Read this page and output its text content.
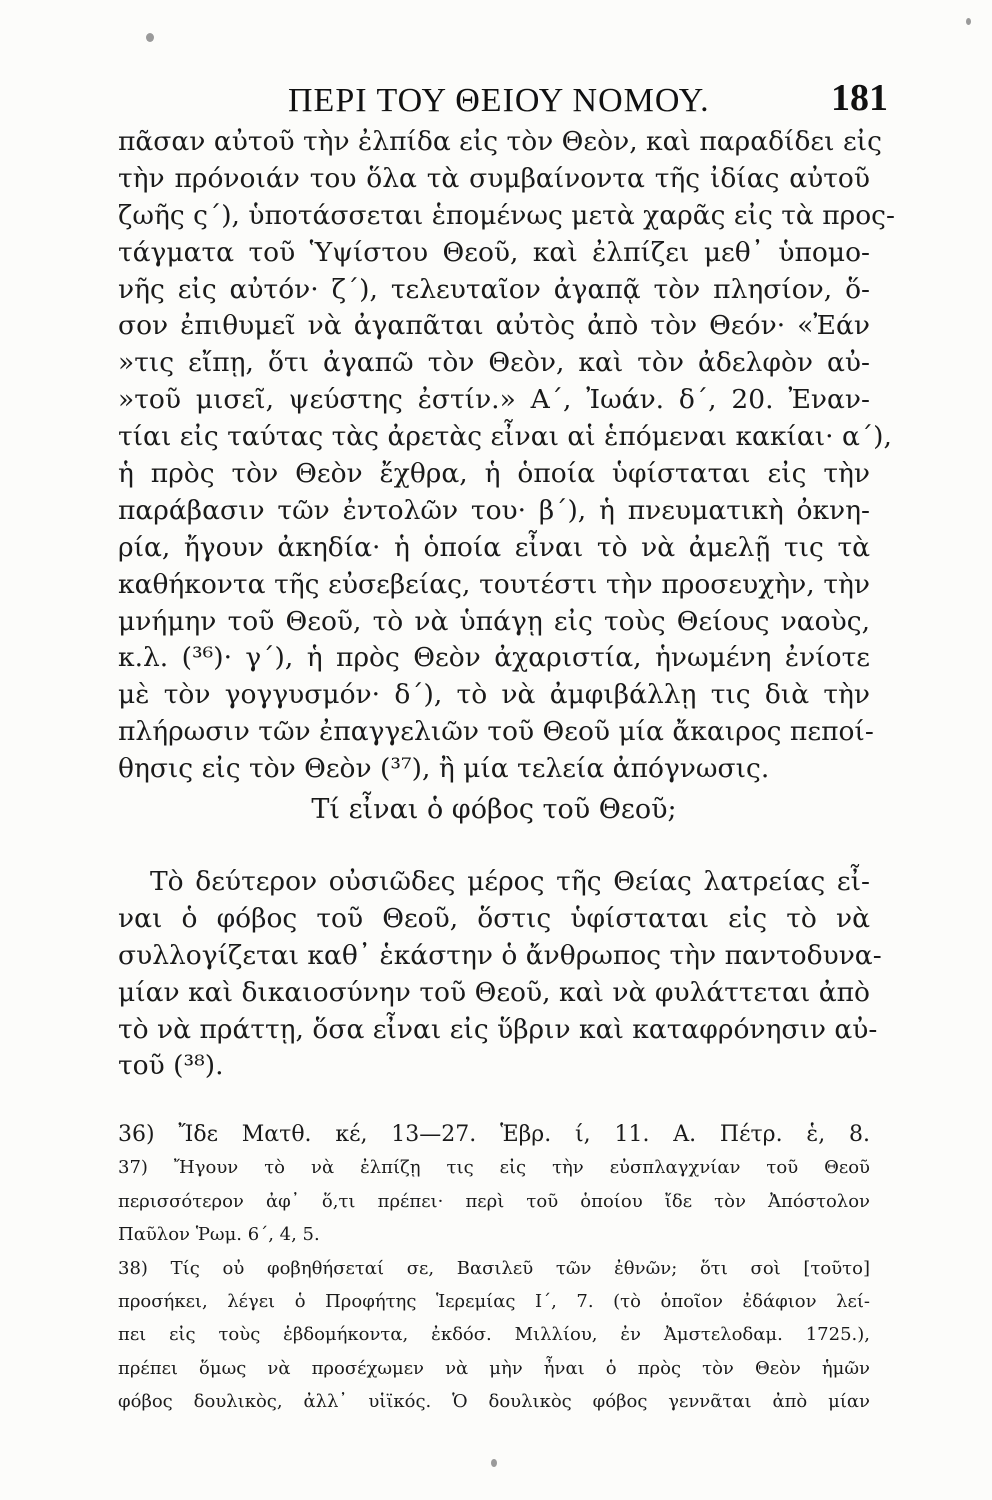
ΠΕΡΙ ΤΟΥ ΘΕΙΟΥ ΝΟΜΟΥ.	181
πᾶσαν αὐτοῦ τὴν ἐλπίδα εἰς τὸν Θεὸν, καὶ παραδίδει εἰς
τὴν πρόνοιάν του ὅλα τὰ συμβαίνοντα τῆς ἰδίας αὐτοῦ
ζωῆς ς΄), ὑποτάσσεται ἑπομένως μετὰ χαρᾶς εἰς τὰ προς-
τάγματα τοῦ Ὑψίστου Θεοῦ, καὶ ἐλπίζει μεθ᾿ ὑπομο-
νῆς εἰς αὐτόν· ζ΄), τελευταῖον ἀγαπᾷ τὸν πλησίον, ὅ-
σον ἐπιθυμεῖ νὰ ἀγαπᾶται αὐτὸς ἀπὸ τὸν Θεόν· «Ἐάν
»τις εἴπῃ, ὅτι ἀγαπῶ τὸν Θεὸν, καὶ τὸν ἀδελφὸν αὐ-
»τοῦ μισεῖ, ψεύστης ἐστίν.» Α΄, Ἰωάν. δ΄, 20. Ἐναν-
τίαι εἰς ταύτας τὰς ἀρετὰς εἶναι αἱ ἑπόμεναι κακίαι· α΄),
ἡ πρὸς τὸν Θεὸν ἔχθρα, ἡ ὁποία ὑφίσταται εἰς τὴν
παράβασιν τῶν ἐντολῶν του· β΄), ἡ πνευματικὴ ὀκνη-
ρία, ἤγουν ἀκηδία· ἡ ὁποία εἶναι τὸ νὰ ἀμελῇ τις τὰ
καθήκοντα τῆς εὐσεβείας, τουτέστι τὴν προσευχὴν, τὴν
μνήμην τοῦ Θεοῦ, τὸ νὰ ὑπάγῃ εἰς τοὺς Θείους ναοὺς,
κ.λ. (³⁶)· γ΄), ἡ πρὸς Θεὸν ἀχαριστία, ἡνωμένη ἐνίοτε
μὲ τὸν γογγυσμόν· δ΄), τὸ νὰ ἀμφιβάλλῃ τις διὰ τὴν
πλήρωσιν τῶν ἐπαγγελιῶν τοῦ Θεοῦ μία ἄκαιρος πεποί-
θησις εἰς τὸν Θεὸν (³⁷), ἢ μία τελεία ἀπόγνωσις.
Τί εἶναι ὁ φόβος τοῦ Θεοῦ;
Τὸ δεύτερον οὐσιῶδες μέρος τῆς Θείας λατρείας εἶ-
ναι ὁ φόβος τοῦ Θεοῦ, ὅστις ὑφίσταται εἰς τὸ νὰ
συλλογίζεται καθ᾿ ἑκάστην ὁ ἄνθρωπος τὴν παντοδυνα-
μίαν καὶ δικαιοσύνην τοῦ Θεοῦ, καὶ νὰ φυλάττεται ἀπὸ
τὸ νὰ πράττῃ, ὅσα εἶναι εἰς ὕβριν καὶ καταφρόνησιν αὐ-
τοῦ (³⁸).
36) Ἴδε Ματθ. κέ, 13—27. Ἑβρ. ί, 11. Α. Πέτρ. ἑ, 8.
37) Ἤγουν τὸ νὰ ἐλπίζῃ τις εἰς τὴν εὐσπλαγχνίαν τοῦ Θεοῦ
περισσότερον ἀφ᾿ ὅ,τι πρέπει· περὶ τοῦ ὁποίου ἴδε τὸν Ἀπόστολον
Παῦλον Ῥωμ. 6΄, 4, 5.
38) Τίς οὐ φοβηθήσεταί σε, Βασιλεῦ τῶν ἐθνῶν; ὅτι σοὶ [τοῦτο]
προσήκει, λέγει ὁ Προφήτης Ἱερεμίας Ι΄, 7. (τὸ ὁποῖον ἐδάφιον λεί-
πει εἰς τοὺς ἑβδομήκοντα, ἐκδόσ. Μιλλίου, ἐν Ἀμστελοδαμ. 1725.),
πρέπει ὅμως νὰ προσέχωμεν νὰ μὴν ἦναι ὁ πρὸς τὸν Θεὸν ἡμῶν
φόβος δουλικὸς, ἀλλ᾿ υἱϊκός. Ὁ δουλικὸς φόβος γεννᾶται ἀπὸ μίαν
